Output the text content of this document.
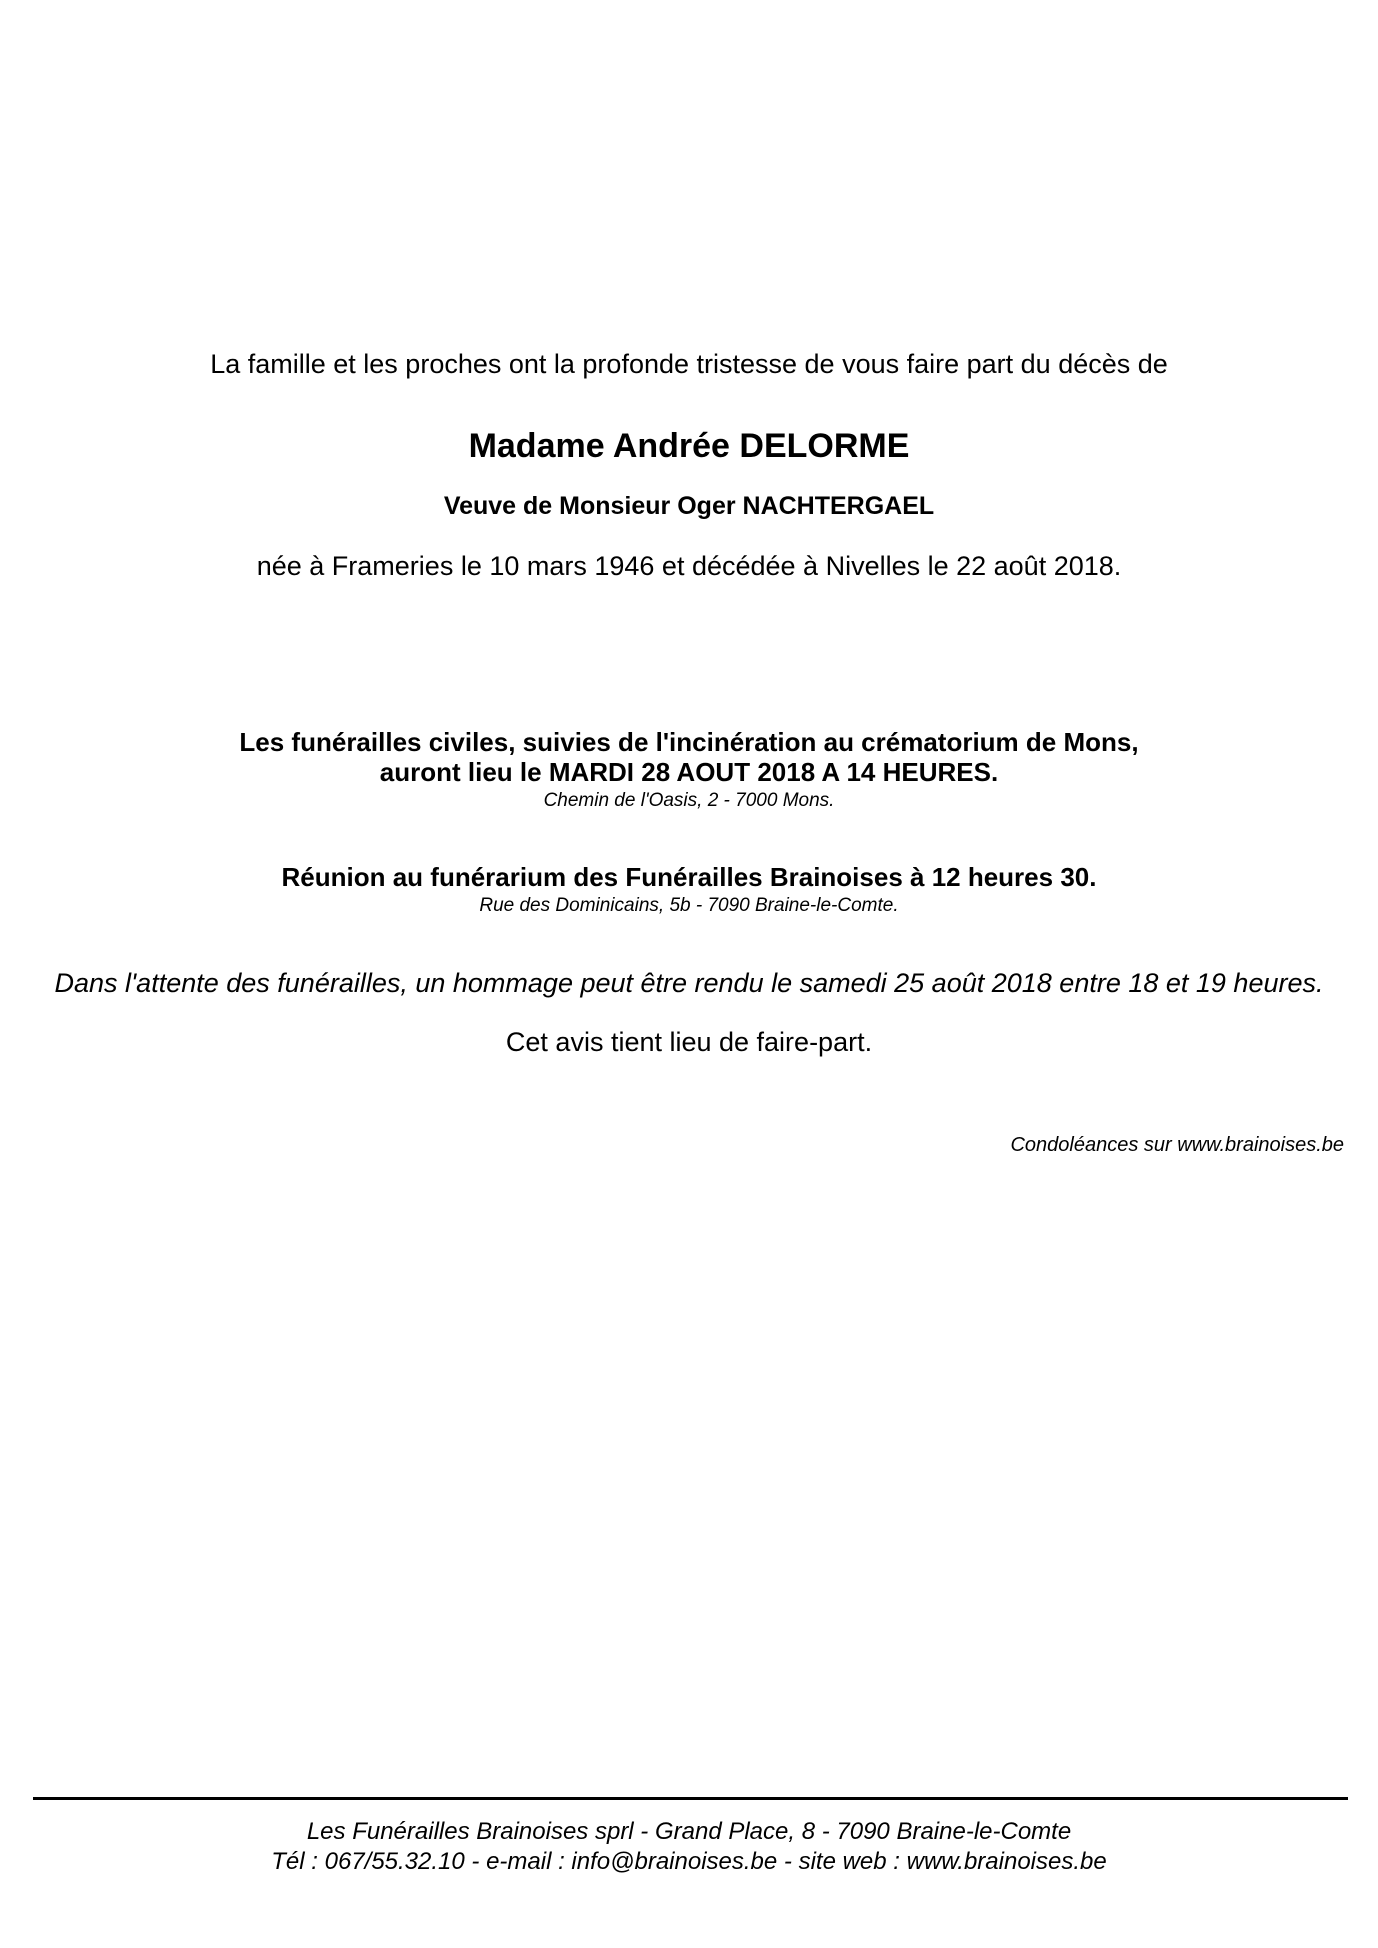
La famille et les proches ont la profonde tristesse de vous faire part du décès de
Madame Andrée DELORME
Veuve de Monsieur Oger NACHTERGAEL
née à Frameries le 10 mars 1946 et décédée à Nivelles le 22 août 2018.
Les funérailles civiles, suivies de l'incinération au crématorium de Mons,
auront lieu le MARDI 28 AOUT 2018 A 14 HEURES.
Chemin de l'Oasis, 2 - 7000 Mons.
Réunion au funérarium des Funérailles Brainoises à 12 heures 30.
Rue des Dominicains, 5b - 7090 Braine-le-Comte.
Dans l'attente des funérailles, un hommage peut être rendu le samedi 25 août 2018 entre 18 et 19 heures.
Cet avis tient lieu de faire-part.
Condoléances sur www.brainoises.be
Les Funérailles Brainoises sprl - Grand Place, 8 - 7090 Braine-le-Comte
Tél : 067/55.32.10 - e-mail : info@brainoises.be - site web : www.brainoises.be
